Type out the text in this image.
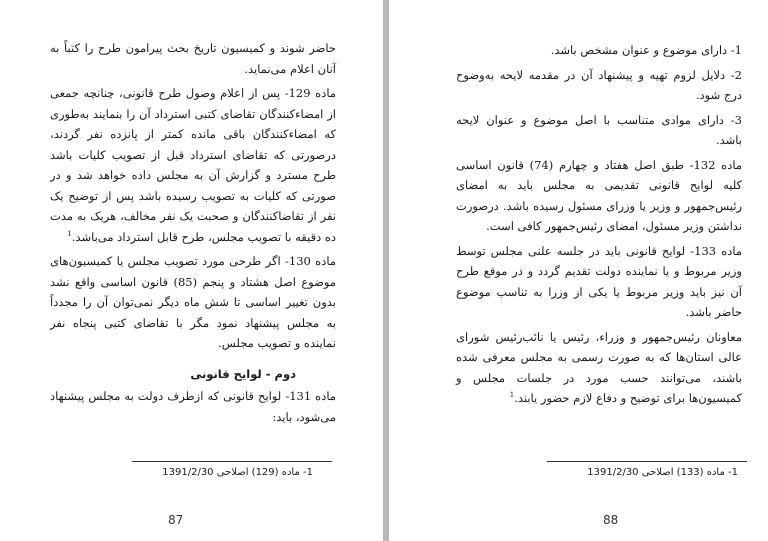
حاضر شوند و کمیسیون تاریخ بحث پیرامون طرح را کتباً به آنان اعلام می‌نماید.

ماده 129- پس از اعلام وصول طرح قانونی، چنانچه جمعی از امضاءکنندگان تقاضای کتبی استرداد آن را بنمایند به‌طوری که امضاءکنندگان باقی مانده کمتر از پانزده نفر گردند، درصورتی که تقاضای استرداد قبل از تصویب کلیات باشد طرح مسترد و گزارش آن به مجلس داده خواهد شد و در صورتی که کلیات به تصویب رسیده باشد پس از توضیح یک نفر از تقاضاکنندگان و صحبت یک نفر مخالف، هریک به مدت ده دقیقه با تصویب مجلس، طرح قابل استرداد می‌باشد.$^1$

ماده 130- اگر طرحی مورد تصویب مجلس یا کمیسیون‌های موضوع اصل هشتاد و پنجم (85) قانون اساسی واقع نشد بدون تغییر اساسی تا شش ماه دیگر نمی‌توان آن را مجدداً به مجلس پیشنهاد نمود مگر با تقاضای کتبی پنجاه نفر نماینده و تصویب مجلس.

دوم - لوایح قانونی

ماده 131- لوایح قانونی که ازطرف دولت به مجلس پیشنهاد می‌شود، باید:

1- ماده (129) اصلاحی 1391/2/30
87

1- دارای موضوع و عنوان مشخص باشد.

2- دلایل لزوم تهیه و پیشنهاد آن در مقدمه لایحه به‌وضوح درج شود.

3- دارای موادی متناسب با اصل موضوع و عنوان لایحه باشد.

ماده 132- طبق اصل هفتاد و چهارم (74) قانون اساسی کلیه لوایح قانونی تقدیمی به مجلس باید به امضای رئیس‌جمهور و وزیر یا وزرای مسئول رسیده باشد. درصورت نداشتن وزیر مسئول، امضای رئیس‌جمهور کافی است.

ماده 133- لوایح قانونی باید در جلسه علنی مجلس توسط وزیر مربوط و یا نماینده دولت تقدیم گردد و در موقع طرح آن نیز باید وزیر مربوط یا یکی از وزرا به تناسب موضوع حاضر باشد.

معاونان رئیس‌جمهور و وزراء، رئیس یا نائب‌رئیس شورای عالی استان‌ها که به صورت رسمی به مجلس معرفی شده باشند، می‌توانند حسب مورد در جلسات مجلس و کمیسیون‌ها برای توضیح و دفاع لازم حضور یابند.$^1$

1- ماده (133) اصلاحی 1391/2/30
88
